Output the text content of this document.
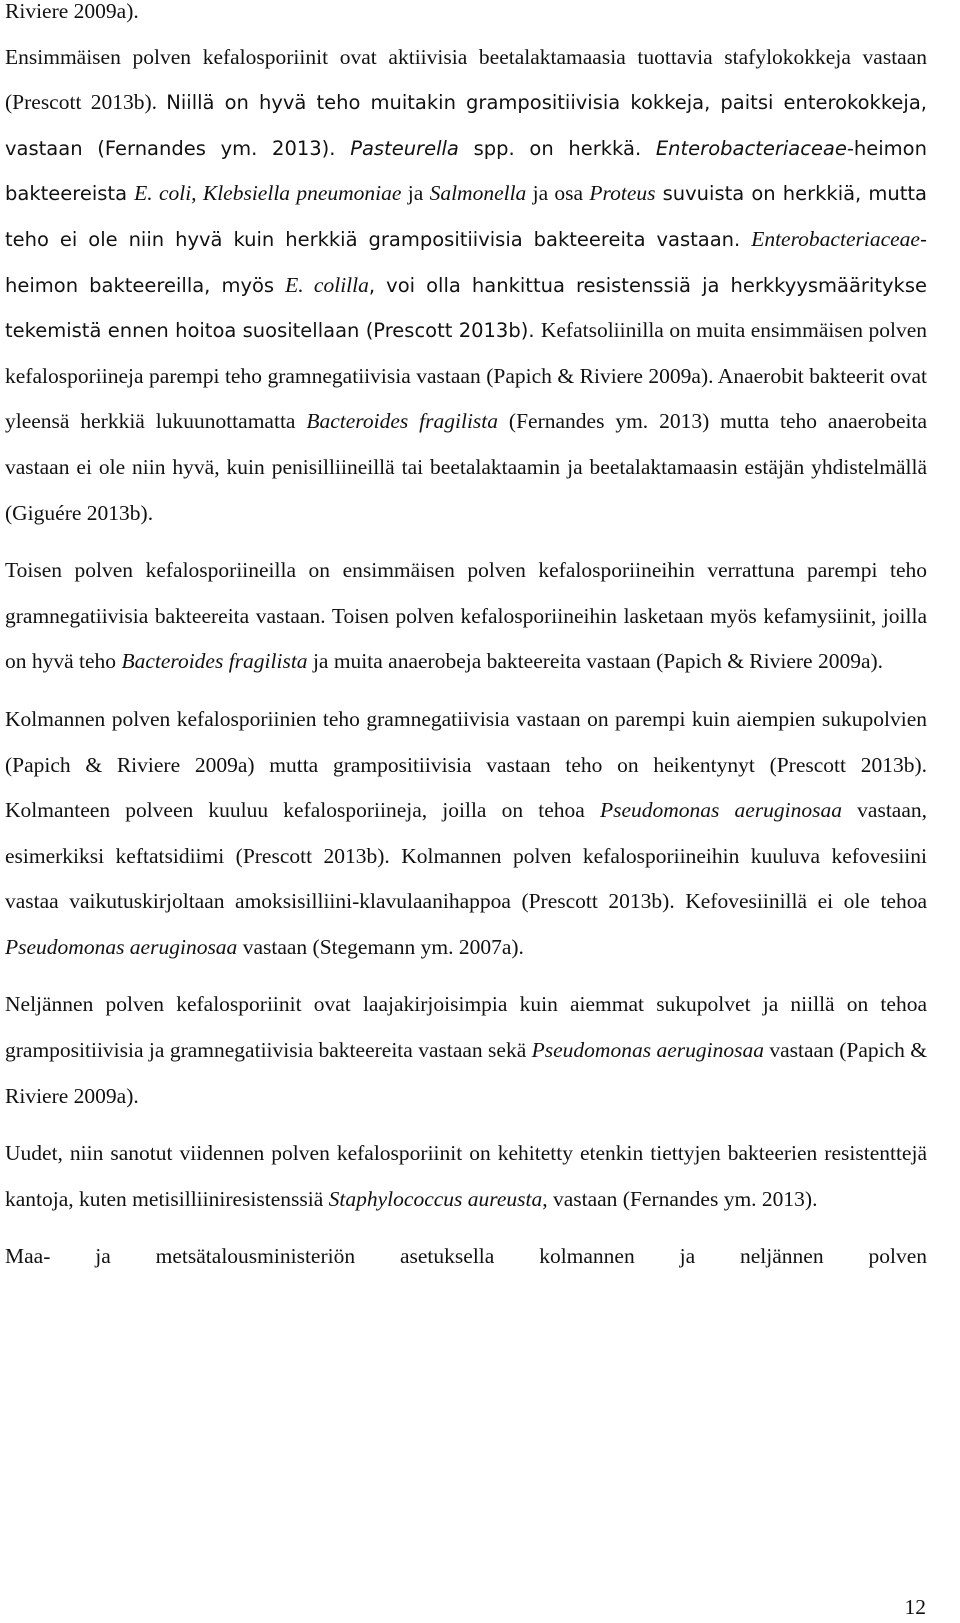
Riviere 2009a).

Ensimmäisen polven kefalosporiinit ovat aktiivisia beetalaktamaasia tuottavia stafylokokkeja vastaan (Prescott 2013b). Niillä on hyvä teho muitakin grampositiivisia kokkeja, paitsi enterokokkeja, vastaan (Fernandes ym. 2013). Pasteurella spp. on herkkä. Enterobacteriaceae-heimon bakteereista E. coli, Klebsiella pneumoniae ja Salmonella ja osa Proteus suvuista on herkkiä, mutta teho ei ole niin hyvä kuin herkkiä grampositiivisia bakteereita vastaan. Enterobacteriaceae-heimon bakteereilla, myös E. colilla, voi olla hankittua resistenssiä ja herkkyysmääritykse tekemistä ennen hoitoa suositellaan (Prescott 2013b). Kefatsoliinilla on muita ensimmäisen polven kefalosporiineja parempi teho gramnegatiivisia vastaan (Papich & Riviere 2009a). Anaerobit bakteerit ovat yleensä herkkiä lukuunottamatta Bacteroides fragilista (Fernandes ym. 2013) mutta teho anaerobeita vastaan ei ole niin hyvä, kuin penisilliineillä tai beetalaktaamin ja beetalaktamaasin estäjän yhdistelmällä (Giguére 2013b).

Toisen polven kefalosporiineilla on ensimmäisen polven kefalosporiineihin verrattuna parempi teho gramnegatiivisia bakteereita vastaan. Toisen polven kefalosporiineihin lasketaan myös kefamysiinit, joilla on hyvä teho Bacteroides fragilista ja muita anaerobeja bakteereita vastaan (Papich & Riviere 2009a).

Kolmannen polven kefalosporiinien teho gramnegatiivisia vastaan on parempi kuin aiempien sukupolvien (Papich & Riviere 2009a) mutta grampositiivisia vastaan teho on heikentynyt (Prescott 2013b). Kolmanteen polveen kuuluu kefalosporiineja, joilla on tehoa Pseudomonas aeruginosaa vastaan, esimerkiksi keftatsidiimi (Prescott 2013b). Kolmannen polven kefalosporiineihin kuuluva kefovesiini vastaa vaikutuskirjoltaan amoksisilliini-klavulaanihappoa (Prescott 2013b). Kefovesiinillä ei ole tehoa Pseudomonas aeruginosaa vastaan (Stegemann ym. 2007a).

Neljännen polven kefalosporiinit ovat laajakirjoisimpia kuin aiemmat sukupolvet ja niillä on tehoa grampositiivisia ja gramnegatiivisia bakteereita vastaan sekä Pseudomonas aeruginosaa vastaan (Papich & Riviere 2009a).

Uudet, niin sanotut viidennen polven kefalosporiinit on kehitetty etenkin tiettyjen bakteerien resistenttejä kantoja, kuten metisilliiniresistenssiä Staphylococcus aureusta, vastaan (Fernandes ym. 2013).

Maa- ja metsätalousministeriön asetuksella kolmannen ja neljännen polven

12
